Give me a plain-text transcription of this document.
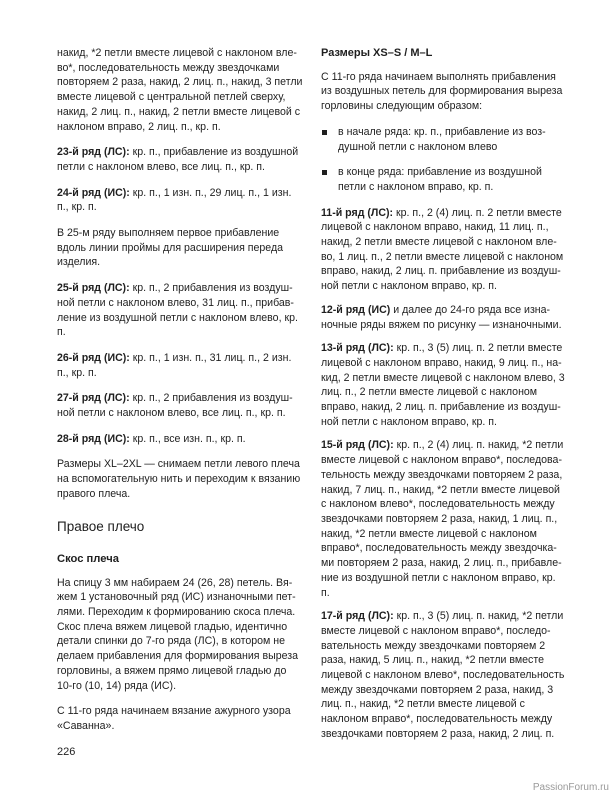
накид, *2 петли вместе лицевой с наклоном влево*, последовательность между звездочками повторяем 2 раза, накид, 2 лиц. п., накид, 3 петли вместе лицевой с центральной петлей сверху, накид, 2 лиц. п., накид, 2 петли вместе лицевой с наклоном вправо, 2 лиц. п., кр. п.

23-й ряд (ЛС): кр. п., прибавление из воздушной петли с наклоном влево, все лиц. п., кр. п.

24-й ряд (ИС): кр. п., 1 изн. п., 29 лиц. п., 1 изн. п., кр. п.

В 25-м ряду выполняем первое прибавление вдоль линии проймы для расширения переда изделия.

25-й ряд (ЛС): кр. п., 2 прибавления из воздушной петли с наклоном влево, 31 лиц. п., прибавление из воздушной петли с наклоном влево, кр. п.

26-й ряд (ИС): кр. п., 1 изн. п., 31 лиц. п., 2 изн. п., кр. п.

27-й ряд (ЛС): кр. п., 2 прибавления из воздушной петли с наклоном влево, все лиц. п., кр. п.

28-й ряд (ИС): кр. п., все изн. п., кр. п.

Размеры XL–2XL — снимаем петли левого плеча на вспомогательную нить и переходим к вязанию правого плеча.

Правое плечо
Скос плеча

На спицу 3 мм набираем 24 (26, 28) петель. Вяжем 1 установочный ряд (ИС) изнаночными петлями. Переходим к формированию скоса плеча. Скос плеча вяжем лицевой гладью, идентично детали спинки до 7-го ряда (ЛС), в котором не делаем прибавления для формирования выреза горловины, а вяжем прямо лицевой гладью до 10-го (10, 14) ряда (ИС).

С 11-го ряда начинаем вязание ажурного узора «Саванна».

Размеры XS–S / M–L

С 11-го ряда начинаем выполнять прибавления из воздушных петель для формирования выреза горловины следующим образом:

в начале ряда: кр. п., прибавление из воздушной петли с наклоном влево
в конце ряда: прибавление из воздушной петли с наклоном вправо, кр. п.

11-й ряд (ЛС): кр. п., 2 (4) лиц. п. 2 петли вместе лицевой с наклоном вправо, накид, 11 лиц. п., накид, 2 петли вместе лицевой с наклоном влево, 1 лиц. п., 2 петли вместе лицевой с наклоном вправо, накид, 2 лиц. п. прибавление из воздушной петли с наклоном вправо, кр. п.

12-й ряд (ИС) и далее до 24-го ряда все изнаночные ряды вяжем по рисунку — изнаночными.

13-й ряд (ЛС): кр. п., 3 (5) лиц. п. 2 петли вместе лицевой с наклоном вправо, накид, 9 лиц. п., накид, 2 петли вместе лицевой с наклоном влево, 3 лиц. п., 2 петли вместе лицевой с наклоном вправо, накид, 2 лиц. п. прибавление из воздушной петли с наклоном вправо, кр. п.

15-й ряд (ЛС): кр. п., 2 (4) лиц. п. накид, *2 петли вместе лицевой с наклоном вправо*, последовательность между звездочками повторяем 2 раза, накид, 7 лиц. п., накид, *2 петли вместе лицевой с наклоном влево*, последовательность между звездочками повторяем 2 раза, накид, 1 лиц. п., накид, *2 петли вместе лицевой с наклоном вправо*, последовательность между звездочками повторяем 2 раза, накид, 2 лиц. п., прибавление из воздушной петли с наклоном вправо, кр. п.

17-й ряд (ЛС): кр. п., 3 (5) лиц. п. накид, *2 петли вместе лицевой с наклоном вправо*, последовательность между звездочками повторяем 2 раза, накид, 5 лиц. п., накид, *2 петли вместе лицевой с наклоном влево*, последовательность между звездочками повторяем 2 раза, накид, 3 лиц. п., накид, *2 петли вместе лицевой с наклоном вправо*, последовательность между звездочками повторяем 2 раза, накид, 2 лиц. п.

226
PassionForum.ru
